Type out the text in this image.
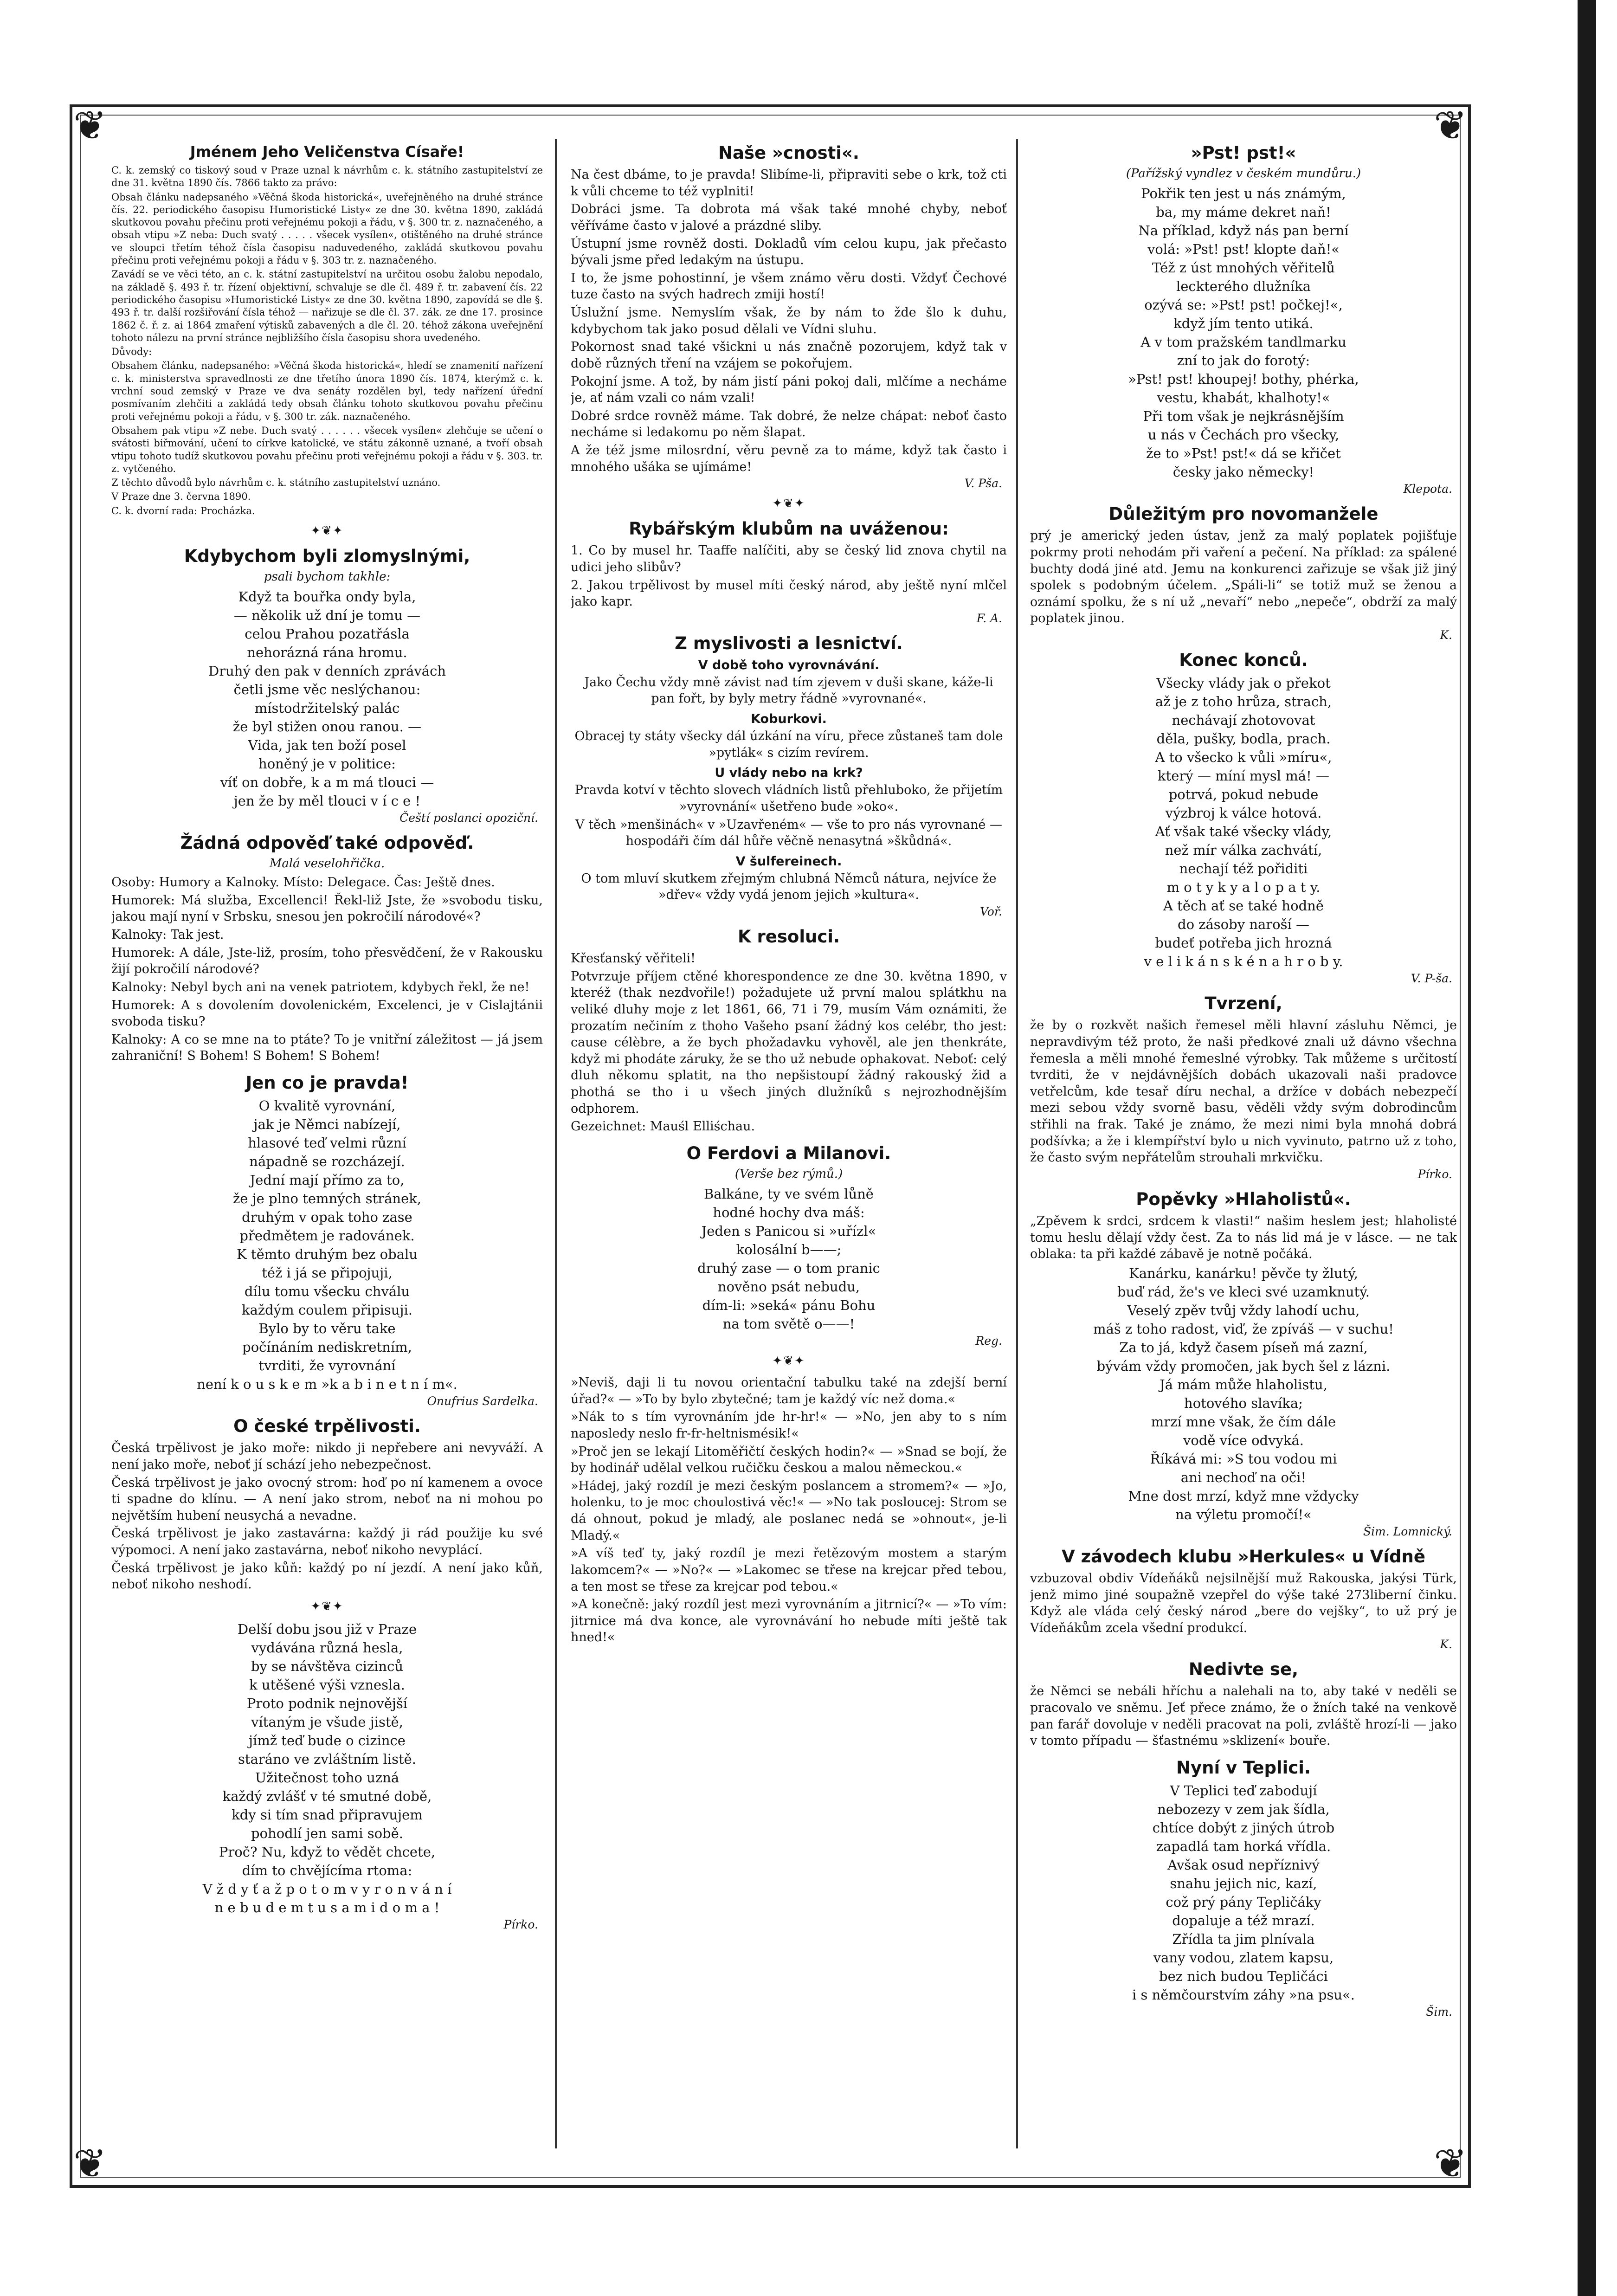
❦	❦
❦	❦
Jménem Jeho Veličenstva Císaře!

C. k. zemský co tiskový soud v Praze uznal k návrhům c. k. státního zastupitelství ze dne 31. května 1890 čís. 7866 takto za právo:

Obsah článku nadepsaného »Věčná škoda historická«, uveřejněného na druhé stránce čís. 22. periodického časopisu Humoristické Listy« ze dne 30. května 1890, zakládá skutkovou povahu přečinu proti veřejnému pokoji a řádu, v §. 300 tr. z. naznačeného, a obsah vtipu »Z neba: Duch svatý . . . . . všecek vysílen«, otištěného na druhé stránce ve sloupci třetím téhož čísla časopisu naduvedeného, zakládá skutkovou povahu přečinu proti veřejnému pokoji a řádu v §. 303 tr. z. naznačeného.

Zavádí se ve věci této, an c. k. státní zastupitelství na určitou osobu žalobu nepodalo, na základě §. 493 ř. tr. řízení objektivní, schvaluje se dle čl. 489 ř. tr. zabavení čís. 22 periodického časopisu »Humoristické Listy« ze dne 30. května 1890, zapovídá se dle §. 493 ř. tr. další rozšiřování čísla téhož — nařizuje se dle čl. 37. zák. ze dne 17. prosince 1862 č. ř. z. ai 1864 zmaření výtisků zabavených a dle čl. 20. téhož zákona uveřejnění tohoto nálezu na první stránce nejbližšího čísla časopisu shora uvedeného.

Důvody:

Obsahem článku, nadepsaného: »Věčná škoda historická«, hledí se znamenití nařízení c. k. ministerstva spravedlnosti ze dne třetího února 1890 čís. 1874, kterýmž c. k. vrchní soud zemský v Praze ve dva senáty rozdělen byl, tedy nařízení úřední posmívaním zlehčiti a zakládá tedy obsah článku tohoto skutkovou povahu přečinu proti veřejnému pokoji a řádu, v §. 300 tr. zák. naznačeného.

Obsahem pak vtipu »Z nebe. Duch svatý . . . . . . všecek vysílen« zlehčuje se učení o svátosti biřmování, učení to církve katolické, ve státu zákonně uznané, a tvoří obsah vtipu tohoto tudíž skutkovou povahu přečinu proti veřejnému pokoji a řádu v §. 303. tr. z. vytčeného.

Z těchto důvodů bylo návrhům c. k. státního zastupitelství uznáno.

V Praze dne 3. června 1890.

C. k. dvorní rada: Procházka.

✦❦✦
Kdybychom byli zlomyslnými,
psali bychom takhle:

Když ta bouřka ondy byla,

— několik už dní je tomu —

celou Prahou pozatřásla

nehorázná rána hromu.

Druhý den pak v denních zprávách

četli jsme věc neslýchanou:

místodržitelský palác

že byl stižen onou ranou. —

Vida, jak ten boží posel

honěný je v politice:

víť on dobře, k a m má tlouci —

jen že by měl tlouci v í c e !

Čeští poslanci opoziční.
Žádná odpověď také odpověď.
Malá veselohřička.

Osoby: Humory a Kalnoky. Místo: Delegace. Čas: Ještě dnes.

Humorek: Má služba, Excellenci! Řekl-liž Jste, že »svobodu tisku, jakou mají nyní v Srbsku, snesou jen pokročilí národové«?

Kalnoky: Tak jest.

Humorek: A dále, Jste-liž, prosím, toho přesvědčení, že v Rakousku žijí pokročilí národové?

Kalnoky: Nebyl bych ani na venek patriotem, kdybych řekl, že ne!

Humorek: A s dovolením dovolenickém, Excelenci, je v Cislajtánii svoboda tisku?

Kalnoky: A co se mne na to ptáte? To je vnitřní záležitost — já jsem zahraniční! S Bohem! S Bohem! S Bohem!

Jen co je pravda!

O kvalitě vyrovnání,

jak je Němci nabízejí,

hlasové teď velmi různí

nápadně se rozcházejí.

Jední mají přímo za to,

že je plno temných stránek,

druhým v opak toho zase

předmětem je radovánek.

K těmto druhým bez obalu

též i já se připojuji,

dílu tomu všecku chválu

každým coulem připisuji.

Bylo by to věru take

počínáním nediskretním,

tvrditi, že vyrovnání

není k o u s k e m »k a b i n e t n í m«.

Onufrius Sardelka.
O české trpělivosti.

Česká trpělivost je jako moře: nikdo ji nepřebere ani nevyváží. A není jako moře, neboť jí schází jeho nebezpečnost.

Česká trpělivost je jako ovocný strom: hoď po ní kamenem a ovoce ti spadne do klínu. — A není jako strom, neboť na ni mohou po největším hubení neusychá a nevadne.

Česká trpělivost je jako zastavárna: každý ji rád použije ku své výpomoci. A není jako zastavárna, neboť nikoho nevyplácí.

Česká trpělivost je jako kůň: každý po ní jezdí. A není jako kůň, neboť nikoho neshodí.

✦❦✦

Delší dobu jsou již v Praze

vydávána různá hesla,

by se návštěva cizinců

k utěšené výši vznesla.

Proto podnik nejnovější

vítaným je všude jistě,

jímž teď bude o cizince

staráno ve zvláštním listě.

Užitečnost toho uzná

každý zvlášť v té smutné době,

kdy si tím snad připravujem

pohodlí jen sami sobě.

Proč? Nu, když to vědět chcete,

dím to chvějícíma rtoma:

V ž d y ť a ž p o t o m v y r o n v á n í

n e b u d e m t u s a m i d o m a !

Pírko.
Naše »cnosti«.

Na čest dbáme, to je pravda! Slibíme-li, připraviti sebe o krk, tož cti k vůli chceme to též vyplniti!

Dobráci jsme. Ta dobrota má však také mnohé chyby, neboť věříváme často v jalové a prázdné sliby.

Ústupní jsme rovněž dosti. Dokladů vím celou kupu, jak přečasto bývali jsme před ledakým na ústupu.

I to, že jsme pohostinní, je všem známo věru dosti. Vždyť Čechové tuze často na svých hadrech zmiji hostí!

Úslužní jsme. Nemyslím však, že by nám to žde šlo k duhu, kdybychom tak jako posud dělali ve Vídni sluhu.

Pokornost snad také všickni u nás značně pozorujem, když tak v době různých tření na vzájem se pokořujem.

Pokojní jsme. A tož, by nám jistí páni pokoj dali, mlčíme a necháme je, ať nám vzali co nám vzali!

Dobré srdce rovněž máme. Tak dobré, že nelze chápat: neboť často necháme si ledakomu po něm šlapat.

A že též jsme milosrdní, věru pevně za to máme, když tak často i mnohého ušáka se ujímáme!

V. Pša.
✦❦✦
Rybářským klubům na uváženou:

1. Co by musel hr. Taaffe nalíčiti, aby se český lid znova chytil na udici jeho slibův?

2. Jakou trpělivost by musel míti český národ, aby ještě nyní mlčel jako kapr.

F. A.
Z myslivosti a lesnictví.
V době toho vyrovnávání.

Jako Čechu vždy mně závist nad tím zjevem v duši skane, káže-li pan fořt, by byly metry řádně »vyrovnané«.

Koburkovi.

Obracej ty státy všecky dál úzkání na víru, přece zůstaneš tam dole »pytlák« s cizím revírem.

U vlády nebo na krk?

Pravda kotví v těchto slovech vládních listů přehluboko, že přijetím »vyrovnání« ušetřeno bude »oko«.

V těch »menšinách« v »Uzavřeném« — vše to pro nás vyrovnané — hospodáři čím dál hůře věčně nenasytná »škůdná«.

V šulfereinech.

O tom mluví skutkem zřejmým chlubná Němců nátura, nejvíce že »dřev« vždy vydá jenom jejich »kultura«.

Voř.
K resoluci.

Křesťanský věřiteli!

Potvrzuje příjem ctěné khorespondence ze dne 30. května 1890, v kteréž (thak nezdvořile!) požadujete už první malou splátkhu na veliké dluhy moje z let 1861, 66, 71 i 79, musím Vám oznámiti, že prozatím nečiním z thoho Vašeho psaní žádný kos celébr, tho jest: cause célèbre, a že bych phožadavku vyhověl, ale jen thenkráte, když mi phodáte záruky, že se tho už nebude ophakovat. Neboť: celý dluh někomu splatit, na tho nepšistoupí žádný rakouský žid a phothá se tho i u všech jiných dlužníků s nejrozhodnějším odphorem.

Gezeichnet: Mauśl Elliśchau.

O Ferdovi a Milanovi.
(Verše bez rýmů.)

Balkáne, ty ve svém lůně

hodné hochy dva máš:

Jeden s Panicou si »uřízl«

kolosální b——;

druhý zase — o tom pranic

nověno psát nebudu,

dím-li: »seká« pánu Bohu

na tom světě o——!

Reg.
✦❦✦

»Neviš, daji li tu novou orientační tabulku také na zdejší berní úřad?« — »To by bylo zbytečné; tam je každý víc než doma.«

»Nák to s tím vyrovnáním jde hr-hr!« — »No, jen aby to s ním naposledy neslo fr-fr-heltnismésik!«

»Proč jen se lekají Litoměřičtí českých hodin?« — »Snad se bojí, že by hodinář udělal velkou ručičku českou a malou německou.«

»Hádej, jaký rozdíl je mezi českým poslancem a stromem?« — »Jo, holenku, to je moc choulostivá věc!« — »No tak posloucej: Strom se dá ohnout, pokud je mladý, ale poslanec nedá se »ohnout«, je-li Mladý.«

»A víš teď ty, jaký rozdíl je mezi řetězovým mostem a starým lakomcem?« — »No?« — »Lakomec se třese na krejcar před tebou, a ten most se třese za krejcar pod tebou.«

»A konečně: jaký rozdíl jest mezi vyrovnáním a jitrnicí?« — »To vím: jitrnice má dva konce, ale vyrovnávání ho nebude míti ještě tak hned!«

»Pst! pst!«
(Pařížský vyndlez v českém mundůru.)

Pokřik ten jest u nás známým,

ba, my máme dekret naň!

Na příklad, když nás pan berní

volá: »Pst! pst! klopte daň!«

Též z úst mnohých věřitelů

leckterého dlužníka

ozývá se: »Pst! pst! počkej!«,

když jím tento utiká.

A v tom pražském tandlmarku

zní to jak do forotý:

»Pst! pst! khoupej! bothy, phérka,

vestu, khabát, khalhoty!«

Při tom však je nejkrásnějším

u nás v Čechách pro všecky,

že to »Pst! pst!« dá se křičet

česky jako německy!

Klepota.
Důležitým pro novomanžele

prý je americký jeden ústav, jenž za malý poplatek pojišťuje pokrmy proti nehodám při vaření a pečení. Na příklad: za spálené buchty dodá jiné atd. Jemu na konkurenci zařizuje se však již jiný spolek s podobným účelem. „Spáli-li“ se totiž muž se ženou a oznámí spolku, že s ní už „nevaří“ nebo „nepeče“, obdrží za malý poplatek jinou.

K.
Konec konců.

Všecky vlády jak o překot

až je z toho hrůza, strach,

nechávají zhotovovat

děla, pušky, bodla, prach.

A to všecko k vůli »míru«,

který — míní mysl má! —

potrvá, pokud nebude

výzbroj k válce hotová.

Ať však také všecky vlády,

než mír válka zachvátí,

nechají též pořiditi

m o t y k y a l o p a t y.

A těch ať se také hodně

do zásoby naroší —

budeť potřeba jich hrozná

v e l i k á n s k é n a h r o b y.

V. P-ša.
Tvrzení,

že by o rozkvět našich řemesel měli hlavní zásluhu Němci, je nepravdivým též proto, že naši předkové znali už dávno všechna řemesla a měli mnohé řemeslné výrobky. Tak můžeme s určitostí tvrditi, že v nejdávnějších dobách ukazovali naši pradovce vetřelcům, kde tesař díru nechal, a držíce v dobách nebezpečí mezi sebou vždy svorně basu, věděli vždy svým dobrodincům střihli na frak. Také je známo, že mezi nimi byla mnohá dobrá podšívka; a že i klempířství bylo u nich vyvinuto, patrno už z toho, že často svým nepřátelům strouhali mrkvičku.

Pírko.
Popěvky »Hlaholistů«.

„Zpěvem k srdci, srdcem k vlasti!“ našim heslem jest; hlaholisté tomu heslu dělají vždy čest. Za to nás lid má je v lásce. — ne tak oblaka: ta při každé zábavě je notně počáká.

Kanárku, kanárku! pěvče ty žlutý,

buď rád, že's ve kleci své uzamknutý.

Veselý zpěv tvůj vždy lahodí uchu,

máš z toho radost, viď, že zpíváš — v suchu!

Za to já, když časem píseň má zazní,

bývám vždy promočen, jak bych šel z lázni.

Já mám může hlaholistu,

hotového slavíka;

mrzí mne však, že čím dále

vodě více odvyká.

Říkává mi: »S tou vodou mi

ani nechoď na oči!

Mne dost mrzí, když mne vždycky

na výletu promočí!«

Šim. Lomnický.
V závodech klubu »Herkules« u Vídně

vzbuzoval obdiv Vídeňáků nejsilnější muž Rakouska, jakýsi Türk, jenž mimo jiné soupažně vzepřel do výše také 273liberní činku. Když ale vláda celý český národ „bere do vejšky“, to už prý je Vídeňákům zcela všední produkcí.

K.
Nedivte se,

že Němci se nebáli hříchu a nalehali na to, aby také v neděli se pracovalo ve sněmu. Jeť přece známo, že o žních také na venkově pan farář dovoluje v neděli pracovat na poli, zvláště hrozí-li — jako v tomto případu — šťastnému »sklizení« bouře.

Nyní v Teplici.

V Teplici teď zabodují

nebozezy v zem jak šídla,

chtíce dobýt z jiných útrob

zapadlá tam horká vřídla.

Avšak osud nepříznivý

snahu jejich nic, kazí,

což prý pány Tepličáky

dopaluje a též mrazí.

Zřídla ta jim plnívala

vany vodou, zlatem kapsu,

bez nich budou Tepličáci

i s němčourstvím záhy »na psu«.

Šim.
